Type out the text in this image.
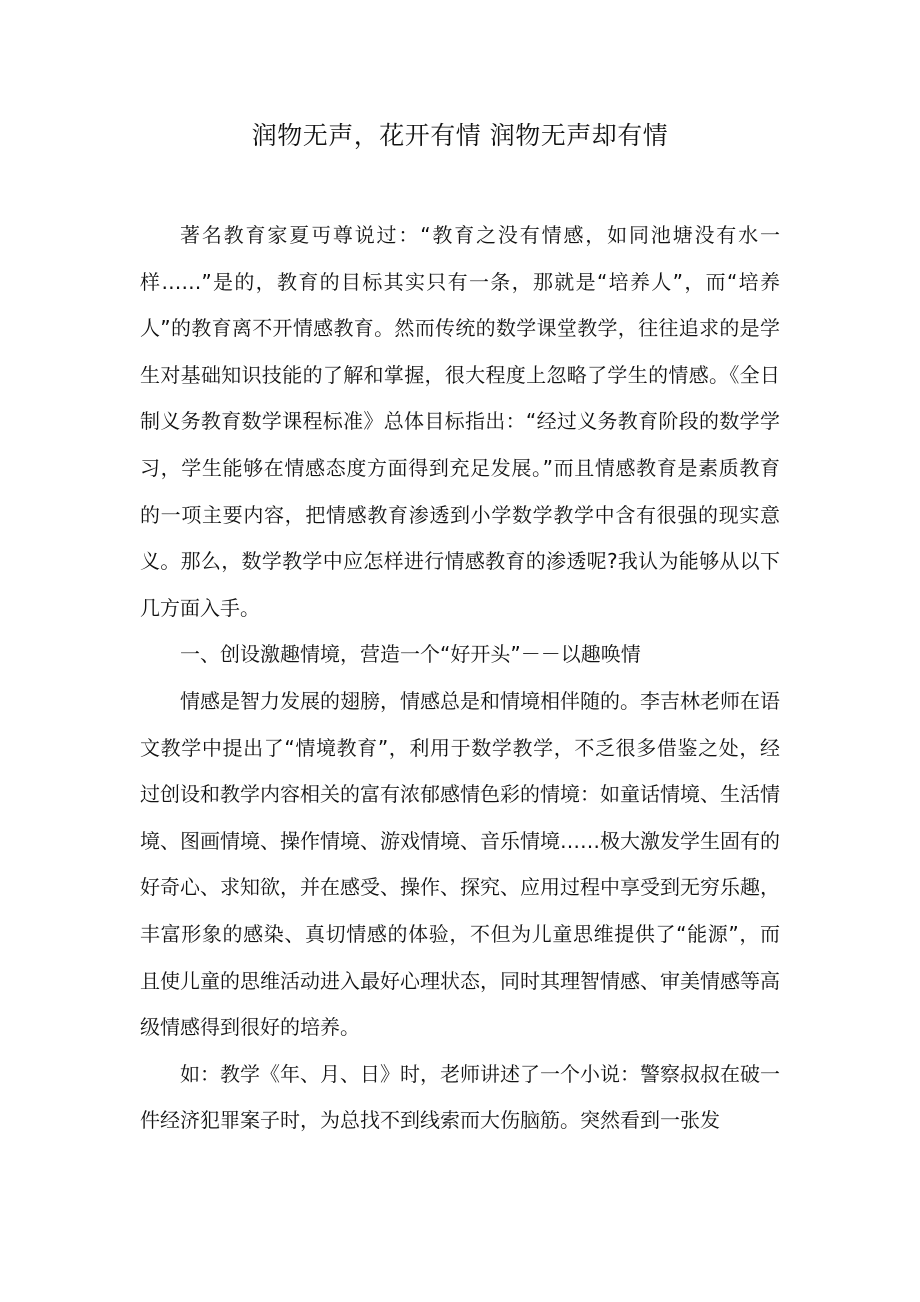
润物无声，花开有情 润物无声却有情

著名教育家夏丏尊说过：“教育之没有情感，如同池塘没有水一样……”是的，教育的目标其实只有一条，那就是“培养人”，而“培养人”的教育离不开情感教育。然而传统的数学课堂教学，往往追求的是学生对基础知识技能的了解和掌握，很大程度上忽略了学生的情感。《全日制义务教育数学课程标准》总体目标指出：“经过义务教育阶段的数学学习，学生能够在情感态度方面得到充足发展。”而且情感教育是素质教育的一项主要内容，把情感教育渗透到小学数学教学中含有很强的现实意义。那么，数学教学中应怎样进行情感教育的渗透呢?我认为能够从以下几方面入手。

一、创设激趣情境，营造一个“好开头”－－以趣唤情

情感是智力发展的翅膀，情感总是和情境相伴随的。李吉林老师在语文教学中提出了“情境教育”，利用于数学教学，不乏很多借鉴之处，经过创设和教学内容相关的富有浓郁感情色彩的情境：如童话情境、生活情境、图画情境、操作情境、游戏情境、音乐情境……极大激发学生固有的好奇心、求知欲，并在感受、操作、探究、应用过程中享受到无穷乐趣，丰富形象的感染、真切情感的体验，不但为儿童思维提供了“能源”，而且使儿童的思维活动进入最好心理状态，同时其理智情感、审美情感等高级情感得到很好的培养。

如：教学《年、月、日》时，老师讲述了一个小说：警察叔叔在破一件经济犯罪案子时，为总找不到线索而大伤脑筋。突然看到一张发
